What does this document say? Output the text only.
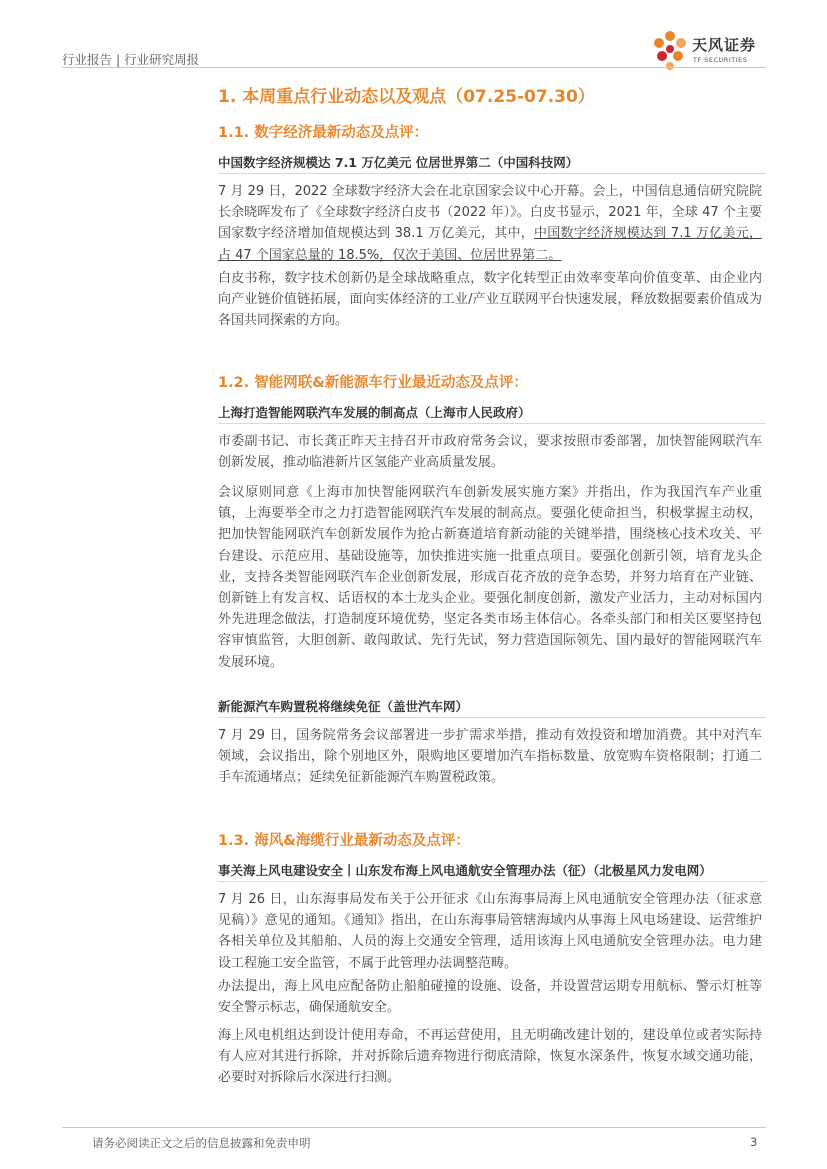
行业报告 | 行业研究周报
天风证券
TF SECURITIES
1. 本周重点行业动态以及观点（07.25-07.30）
1.1. 数字经济最新动态及点评：
中国数字经济规模达 7.1 万亿美元 位居世界第二（中国科技网）

7 月 29 日，2022 全球数字经济大会在北京国家会议中心开幕。会上，中国信息通信研究院院长余晓晖发布了《全球数字经济白皮书（2022 年）》。白皮书显示，2021 年，全球 47 个主要国家数字经济增加值规模达到 38.1 万亿美元，其中，中国数字经济规模达到 7.1 万亿美元，占 47 个国家总量的 18.5%，仅次于美国、位居世界第二。

白皮书称，数字技术创新仍是全球战略重点，数字化转型正由效率变革向价值变革、由企业内向产业链价值链拓展，面向实体经济的工业/产业互联网平台快速发展，释放数据要素价值成为各国共同探索的方向。

1.2. 智能网联&新能源车行业最近动态及点评：
上海打造智能网联汽车发展的制高点（上海市人民政府）

市委副书记、市长龚正昨天主持召开市政府常务会议，要求按照市委部署，加快智能网联汽车创新发展，推动临港新片区氢能产业高质量发展。

会议原则同意《上海市加快智能网联汽车创新发展实施方案》并指出，作为我国汽车产业重镇，上海要举全市之力打造智能网联汽车发展的制高点。要强化使命担当，积极掌握主动权，把加快智能网联汽车创新发展作为抢占新赛道培育新动能的关键举措，围绕核心技术攻关、平台建设、示范应用、基础设施等，加快推进实施一批重点项目。要强化创新引领，培育龙头企业，支持各类智能网联汽车企业创新发展，形成百花齐放的竞争态势，并努力培育在产业链、创新链上有发言权、话语权的本土龙头企业。要强化制度创新，激发产业活力，主动对标国内外先进理念做法，打造制度环境优势，坚定各类市场主体信心。各牵头部门和相关区要坚持包容审慎监管，大胆创新、敢闯敢试、先行先试，努力营造国际领先、国内最好的智能网联汽车发展环境。

新能源汽车购置税将继续免征（盖世汽车网）

7 月 29 日，国务院常务会议部署进一步扩需求举措，推动有效投资和增加消费。其中对汽车领域，会议指出，除个别地区外，限购地区要增加汽车指标数量、放宽购车资格限制；打通二手车流通堵点；延续免征新能源汽车购置税政策。

1.3. 海风&海缆行业最新动态及点评：
事关海上风电建设安全丨山东发布海上风电通航安全管理办法（征）（北极星风力发电网）

7 月 26 日，山东海事局发布关于公开征求《山东海事局海上风电通航安全管理办法（征求意见稿）》意见的通知。《通知》指出，在山东海事局管辖海域内从事海上风电场建设、运营维护各相关单位及其船舶、人员的海上交通安全管理，适用该海上风电通航安全管理办法。电力建设工程施工安全监管，不属于此管理办法调整范畴。

办法提出，海上风电应配备防止船舶碰撞的设施、设备，并设置营运期专用航标、警示灯桩等安全警示标志，确保通航安全。

海上风电机组达到设计使用寿命，不再运营使用，且无明确改建计划的，建设单位或者实际持有人应对其进行拆除，并对拆除后遗弃物进行彻底清除，恢复水深条件，恢复水域交通功能，必要时对拆除后水深进行扫测。

请务必阅读正文之后的信息披露和免责申明	3
